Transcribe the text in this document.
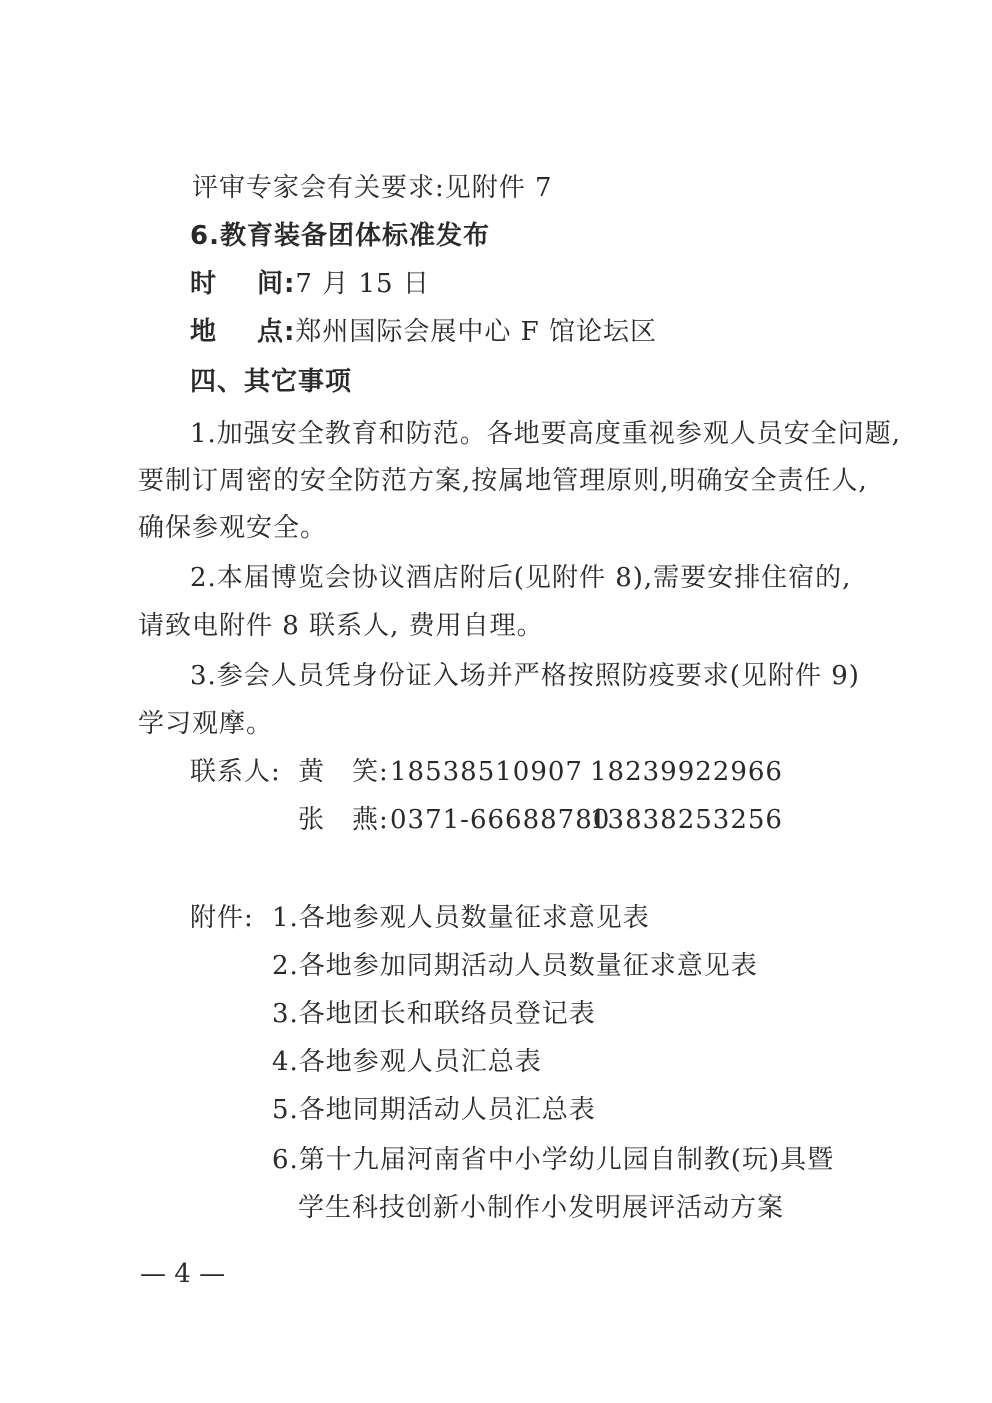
评审专家会有关要求:见附件 7
6.教育装备团体标准发布
时 间:7 月 15 日
地 点:郑州国际会展中心 F 馆论坛区
四、其它事项
1.加强安全教育和防范。各地要高度重视参观人员安全问题,
要制订周密的安全防范方案,按属地管理原则,明确安全责任人,
确保参观安全。
2.本届博览会协议酒店附后(见附件 8),需要安排住宿的,
请致电附件 8 联系人, 费用自理。
3.参会人员凭身份证入场并严格按照防疫要求(见附件 9)
学习观摩。
联系人: 黄　笑: 18538510907 18239922966
张　燕: 0371-66688780
13838253256
附件: 1.各地参观人员数量征求意见表
2.各地参加同期活动人员数量征求意见表
3.各地团长和联络员登记表
4.各地参观人员汇总表
5.各地同期活动人员汇总表
6.第十九届河南省中小学幼儿园自制教(玩)具暨
学生科技创新小制作小发明展评活动方案
— 4 —
